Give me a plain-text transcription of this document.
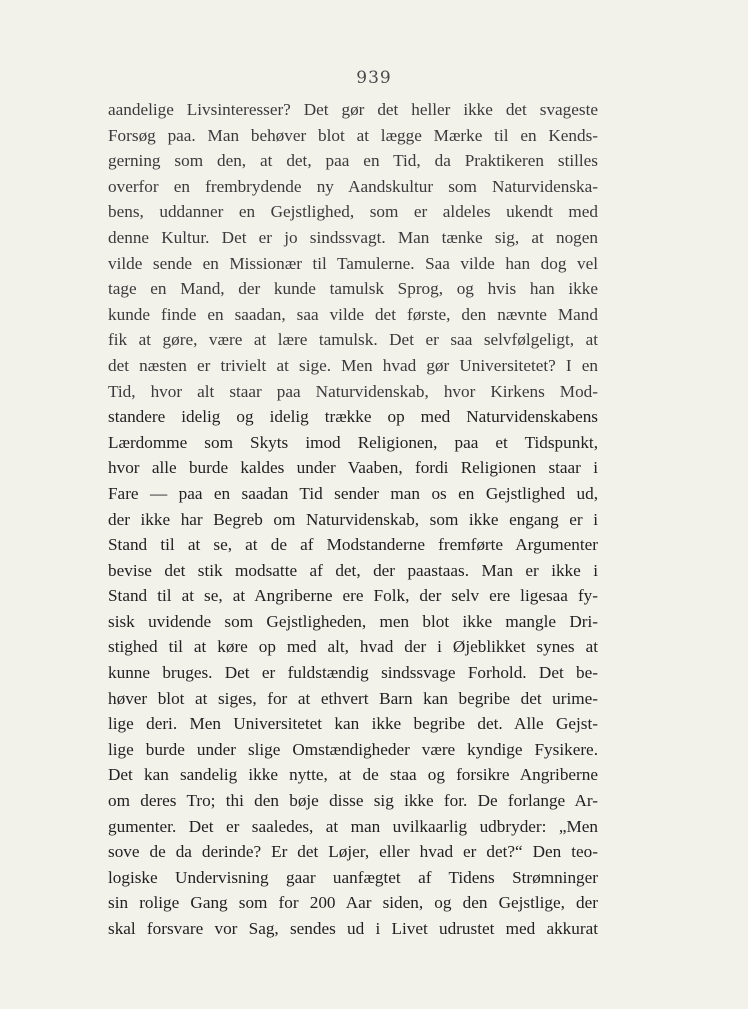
939
aandelige Livsinteresser? Det gør det heller ikke det svageste
Forsøg paa. Man behøver blot at lægge Mærke til en Kends-
gerning som den, at det, paa en Tid, da Praktikeren stilles
overfor en frembrydende ny Aandskultur som Naturvidenska-
bens, uddanner en Gejstlighed, som er aldeles ukendt med
denne Kultur. Det er jo sindssvagt. Man tænke sig, at nogen
vilde sende en Missionær til Tamulerne. Saa vilde han dog vel
tage en Mand, der kunde tamulsk Sprog, og hvis han ikke
kunde finde en saadan, saa vilde det første, den nævnte Mand
fik at gøre, være at lære tamulsk. Det er saa selvfølgeligt, at
det næsten er trivielt at sige. Men hvad gør Universitetet? I en
Tid, hvor alt staar paa Naturvidenskab, hvor Kirkens Mod-
standere idelig og idelig trække op med Naturvidenskabens
Lærdomme som Skyts imod Religionen, paa et Tidspunkt,
hvor alle burde kaldes under Vaaben, fordi Religionen staar i
Fare — paa en saadan Tid sender man os en Gejstlighed ud,
der ikke har Begreb om Naturvidenskab, som ikke engang er i
Stand til at se, at de af Modstanderne fremførte Argumenter
bevise det stik modsatte af det, der paastaas. Man er ikke i
Stand til at se, at Angriberne ere Folk, der selv ere ligesaa fy-
sisk uvidende som Gejstligheden, men blot ikke mangle Dri-
stighed til at køre op med alt, hvad der i Øjeblikket synes at
kunne bruges. Det er fuldstændig sindssvage Forhold. Det be-
høver blot at siges, for at ethvert Barn kan begribe det urime-
lige deri. Men Universitetet kan ikke begribe det. Alle Gejst-
lige burde under slige Omstændigheder være kyndige Fysikere.
Det kan sandelig ikke nytte, at de staa og forsikre Angriberne
om deres Tro; thi den bøje disse sig ikke for. De forlange Ar-
gumenter. Det er saaledes, at man uvilkaarlig udbryder: „Men
sove de da derinde? Er det Løjer, eller hvad er det?“ Den teo-
logiske Undervisning gaar uanfægtet af Tidens Strømninger
sin rolige Gang som for 200 Aar siden, og den Gejstlige, der
skal forsvare vor Sag, sendes ud i Livet udrustet med akkurat
